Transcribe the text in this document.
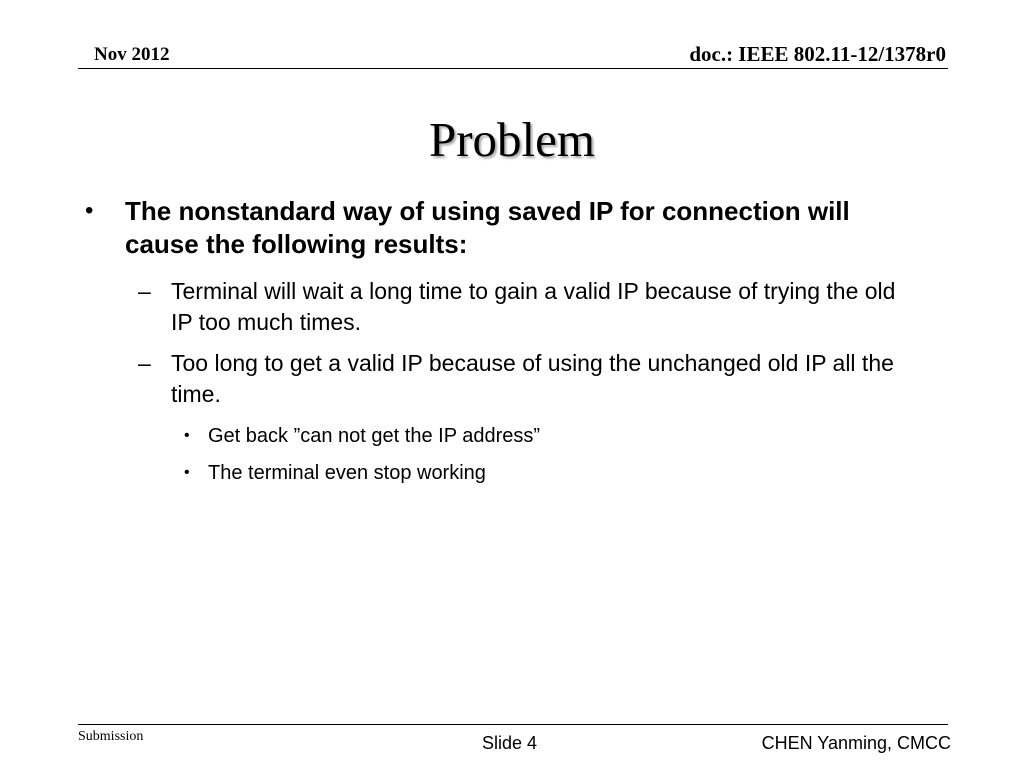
Nov 2012	doc.: IEEE 802.11-12/1378r0
Problem
• The nonstandard way of using saved IP for connection will cause the following results:
– Terminal will wait a long time to gain a valid IP because of trying the old IP too much times.
– Too long to get a valid IP because of using the unchanged old IP all the time.
• Get back ”can not get the IP address”
• The terminal even stop working
Submission	Slide 4	CHEN Yanming, CMCC
